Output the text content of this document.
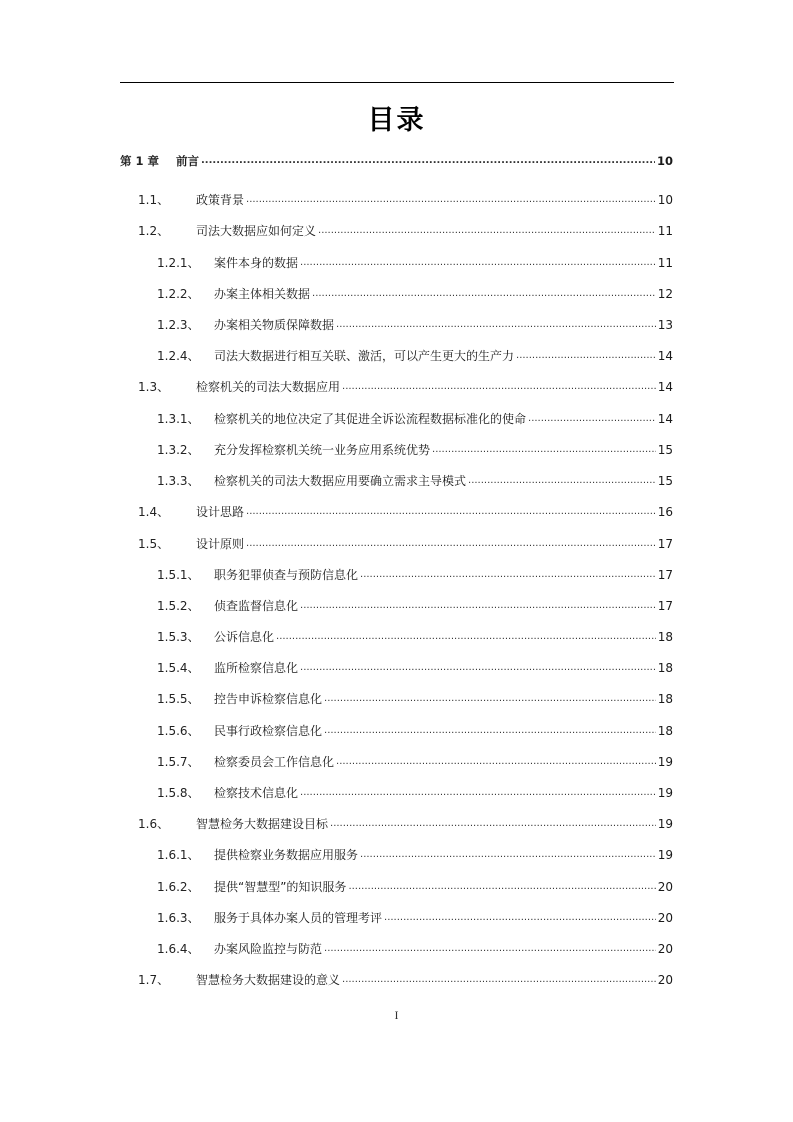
目录
第 1 章	前言 .....	10
1.1、	政策背景 .....	10
1.2、	司法大数据应如何定义 .....	11
1.2.1、	案件本身的数据 .....	11
1.2.2、	办案主体相关数据 .....	12
1.2.3、	办案相关物质保障数据 .....	13
1.2.4、	司法大数据进行相互关联、激活，可以产生更大的生产力 .....	14
1.3、	检察机关的司法大数据应用 .....	14
1.3.1、	检察机关的地位决定了其促进全诉讼流程数据标准化的使命 .....	14
1.3.2、	充分发挥检察机关统一业务应用系统优势 .....	15
1.3.3、	检察机关的司法大数据应用要确立需求主导模式 .....	15
1.4、	设计思路 .....	16
1.5、	设计原则 .....	17
1.5.1、	职务犯罪侦查与预防信息化 .....	17
1.5.2、	侦查监督信息化 .....	17
1.5.3、	公诉信息化 .....	18
1.5.4、	监所检察信息化 .....	18
1.5.5、	控告申诉检察信息化 .....	18
1.5.6、	民事行政检察信息化 .....	18
1.5.7、	检察委员会工作信息化 .....	19
1.5.8、	检察技术信息化 .....	19
1.6、	智慧检务大数据建设目标 .....	19
1.6.1、	提供检察业务数据应用服务 .....	19
1.6.2、	提供“智慧型”的知识服务 .....	20
1.6.3、	服务于具体办案人员的管理考评 .....	20
1.6.4、	办案风险监控与防范 .....	20
1.7、	智慧检务大数据建设的意义 .....	20
I
